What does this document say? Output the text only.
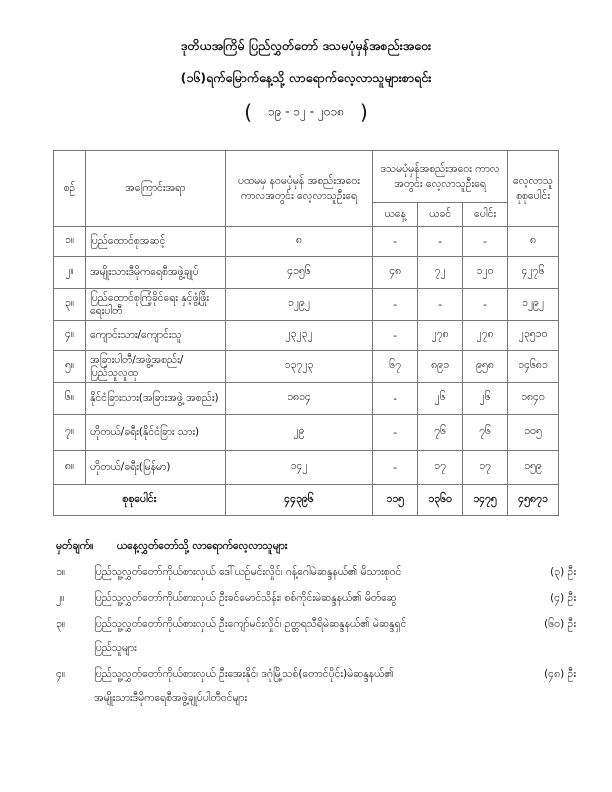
ဒုတိယအကြိမ် ပြည်လွှတ်တော် ဒသမပုံမှန်အစည်းအဝေး
(၁၆)ရက်မြောက်နေ့သို့ လာရောက်လေ့လာသူများစာရင်း
( ၁၉ - ၁၂ - ၂၀၁၈ )
စဉ်	အကြောင်းအရာ	ပထမမှ နဝမပုံမှန် အစည်းအဝေးကာလအတွင်း လေ့လာသူဦးရေ	ဒသမပုံမှန်အစည်းအဝေး ကာလအတွင်း လေ့လာသူဦးရေ			လေ့လာသူ စုစုပေါင်း
			ယနေ့	ယခင်	ပေါင်း	
၁။	ပြည်ထောင်စုအဆင့်	၈	-	-	-	၈
၂။	အမျိုးသားဒီမိုကရေစီအဖွဲ့ချုပ်	၄၁၅၆	၄၈	၇၂	၁၂၀	၄၂၇၆
၃။	ပြည်ထောင်စုကြံ့ခိုင်ရေး နှင့်ဖွံ့ဖြိုးရေးပါတီ	၁၂၉၂	-	-	-	၁၂၉၂
၄။	ကျောင်းသား/ကျောင်းသူ	၂၃၂၃၂	-	၂၇၈	၂၇၈	၂၃၅၁၀
၅။	အခြားပါတီ/အဖွဲ့အစည်း/ ပြည်သူလူထု	၁၃၇၂၃	၆၇	၈၉၁	၉၅၈	၁၄၆၈၁
၆။	နိုင်ငံခြားသား(အခြားအဖွဲ့ အစည်း)	၁၈၁၄	-	၂၆	၂၆	၁၈၄၀
၇။	ဟိုတယ်/ခရီး(နိုင်ငံခြား သား)	၂၉	-	၇၆	၇၆	၁၀၅
၈။	ဟိုတယ်/ခရီး(မြန်မာ)	၁၄၂	-	၁၇	၁၇	၁၅၉
စုစုပေါင်း		၄၄၃၉၆	၁၁၅	၁၃၆၀	၁၄၇၅	၄၅၈၇၁
မှတ်ချက်။ ယနေ့လွှတ်တော်သို့ လာရောက်လေ့လာသူများ
၁။	ပြည်သူ့လွှတ်တော်ကိုယ်စားလှယ် ဒေါ်ယဉ်မင်းလှိုင်၊ ဂန့်ဂေါမဲဆန္ဒနယ်၏ မိသားစုဝင်	(၃) ဦး
၂။	ပြည်သူ့လွှတ်တော်ကိုယ်စားလှယ် ဦးခင်မောင်သိန်း၊ စစ်ကိုင်းမဲဆန္ဒနယ်၏ မိတ်ဆွေ	(၄) ဦး
၃။	ပြည်သူ့လွှတ်တော်ကိုယ်စားလှယ် ဦးကျော်မင်းလှိုင်၊ ဥတ္တရသီရိမဲဆန္ဒနယ်၏ မဲဆန္ဒရှင်
ပြည်သူများ
(၆၀) ဦး
၄။	ပြည်သူ့လွှတ်တော်ကိုယ်စားလှယ် ဦးအေးနိုင်၊ ဒဂုံမြို့သစ်(တောင်ပိုင်း)မဲဆန္ဒနယ်၏
အမျိုးသားဒီမိုကရေစီအဖွဲ့ချုပ်ပါတီဝင်များ
(၄၈) ဦး
